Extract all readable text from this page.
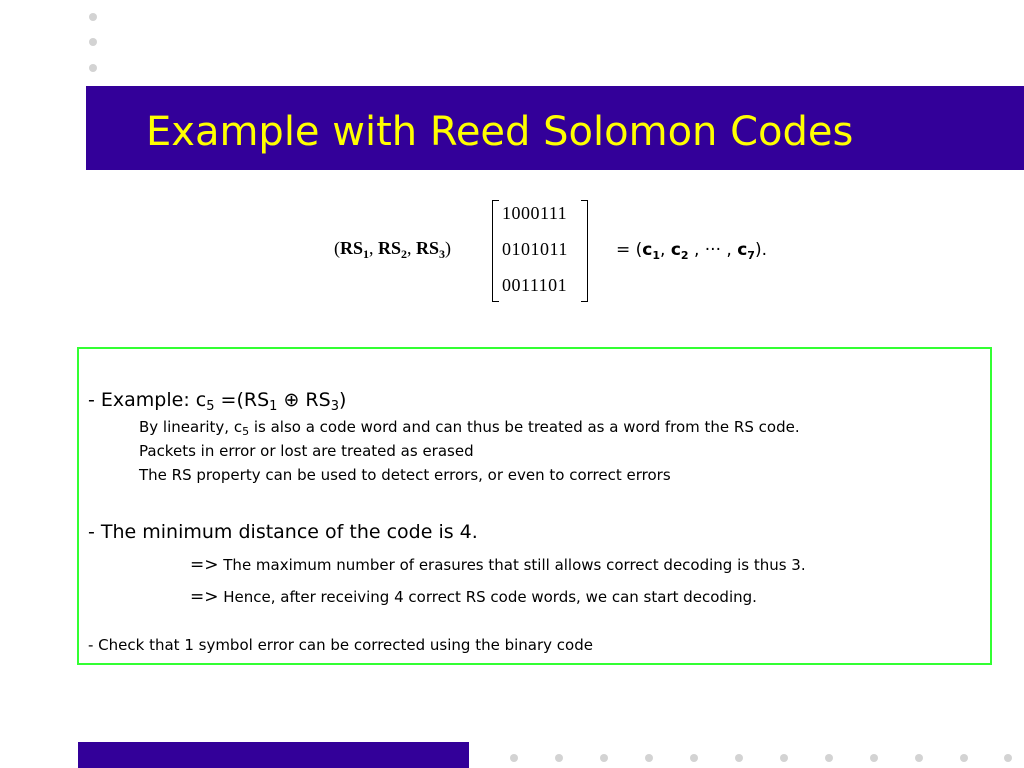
Example with Reed Solomon Codes
($RS_1$, $RS_2$, $RS_3$)
1000111
0101011
0011101
= ($c_1$, $c_2$ , ··· , $c_7$).
- Example: $c_5 =(RS_1$ ⊕ $RS_3$)
By linearity, $c_5$ is also a code word and can thus be treated as a word from the RS code.
Packets in error or lost are treated as erased
The RS property can be used to detect errors, or even to correct errors
- The minimum distance of the code is 4.
=> The maximum number of erasures that still allows correct decoding is thus 3.
=> Hence, after receiving 4 correct RS code words, we can start decoding.
- Check that 1 symbol error can be corrected using the binary code
